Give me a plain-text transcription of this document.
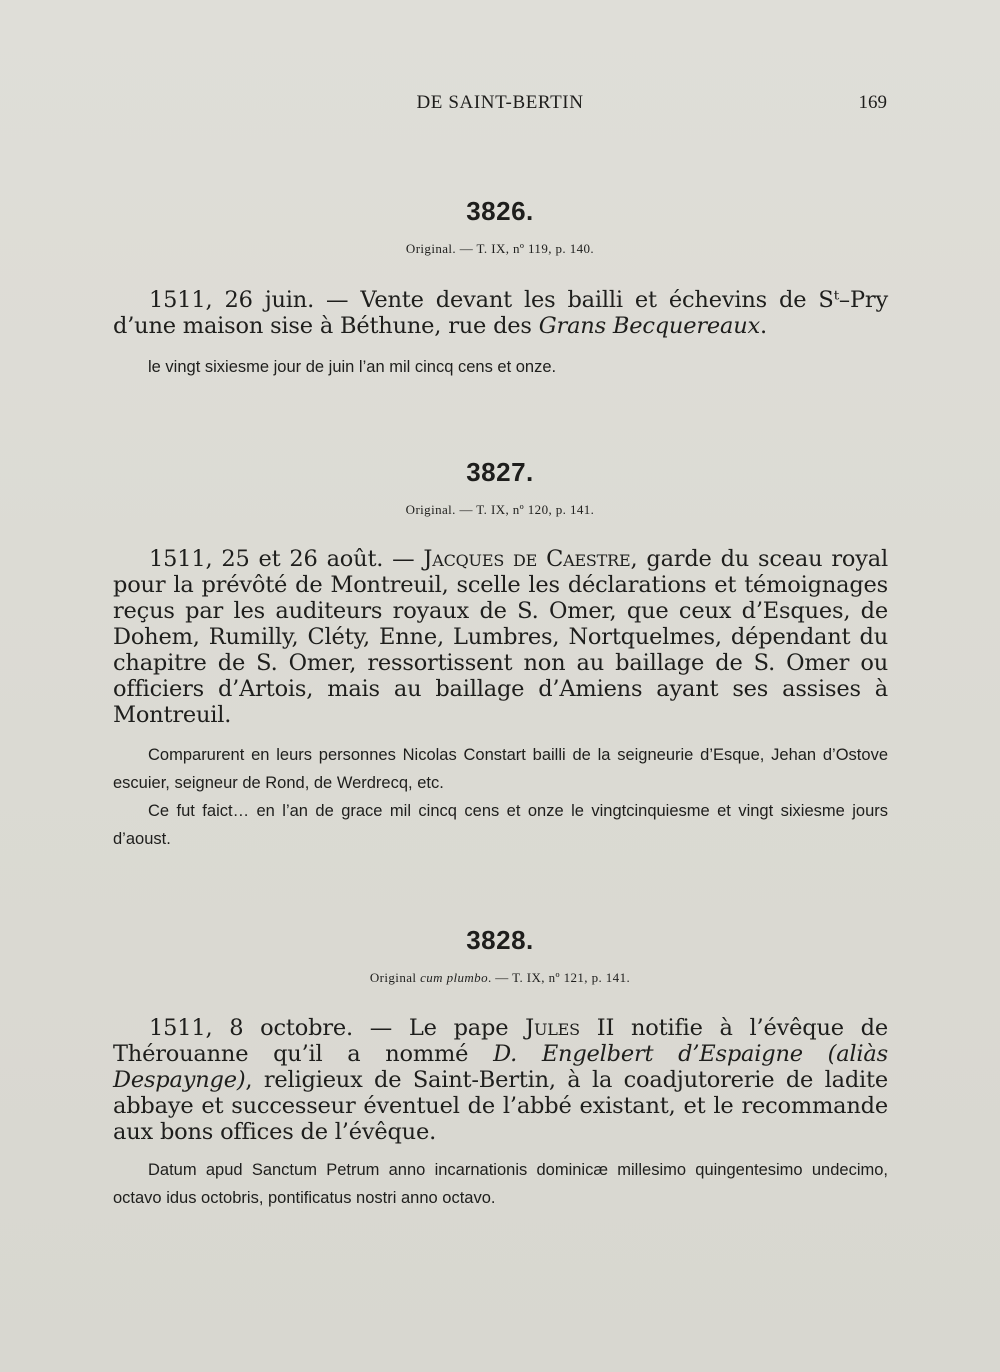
DE SAINT-BERTIN	169
3826.
Original. — T. IX, nº 119, p. 140.
1511, 26 juin. — Vente devant les bailli et échevins de Sᵗ–Pry d’une maison sise à Béthune, rue des Grans Becquereaux.
le vingt sixiesme jour de juin l’an mil cincq cens et onze.
3827.
Original. — T. IX, nº 120, p. 141.
1511, 25 et 26 août. — Jacques de Caestre, garde du sceau royal pour la prévôté de Montreuil, scelle les déclarations et témoignages reçus par les auditeurs royaux de S. Omer, que ceux d’Esques, de Dohem, Rumilly, Cléty, Enne, Lumbres, Nortquelmes, dépendant du chapitre de S. Omer, ressortissent non au baillage de S. Omer ou officiers d’Artois, mais au baillage d’Amiens ayant ses assises à Montreuil.

Comparurent en leurs personnes Nicolas Constart bailli de la seigneurie d’Esque, Jehan d’Ostove escuier, seigneur de Rond, de Werdrecq, etc.

Ce fut faict… en l’an de grace mil cincq cens et onze le vingtcinquiesme et vingt sixiesme jours d’aoust.

3828.
Original cum plumbo. — T. IX, nº 121, p. 141.
1511, 8 octobre. — Le pape Jules II notifie à l’évêque de Thérouanne qu’il a nommé D. Engelbert d’Espaigne (aliàs Despaynge), religieux de Saint-Bertin, à la coadjutorerie de ladite abbaye et successeur éventuel de l’abbé existant, et le recommande aux bons offices de l’évêque.

Datum apud Sanctum Petrum anno incarnationis dominicæ millesimo quingentesimo undecimo, octavo idus octobris, pontificatus nostri anno octavo.
